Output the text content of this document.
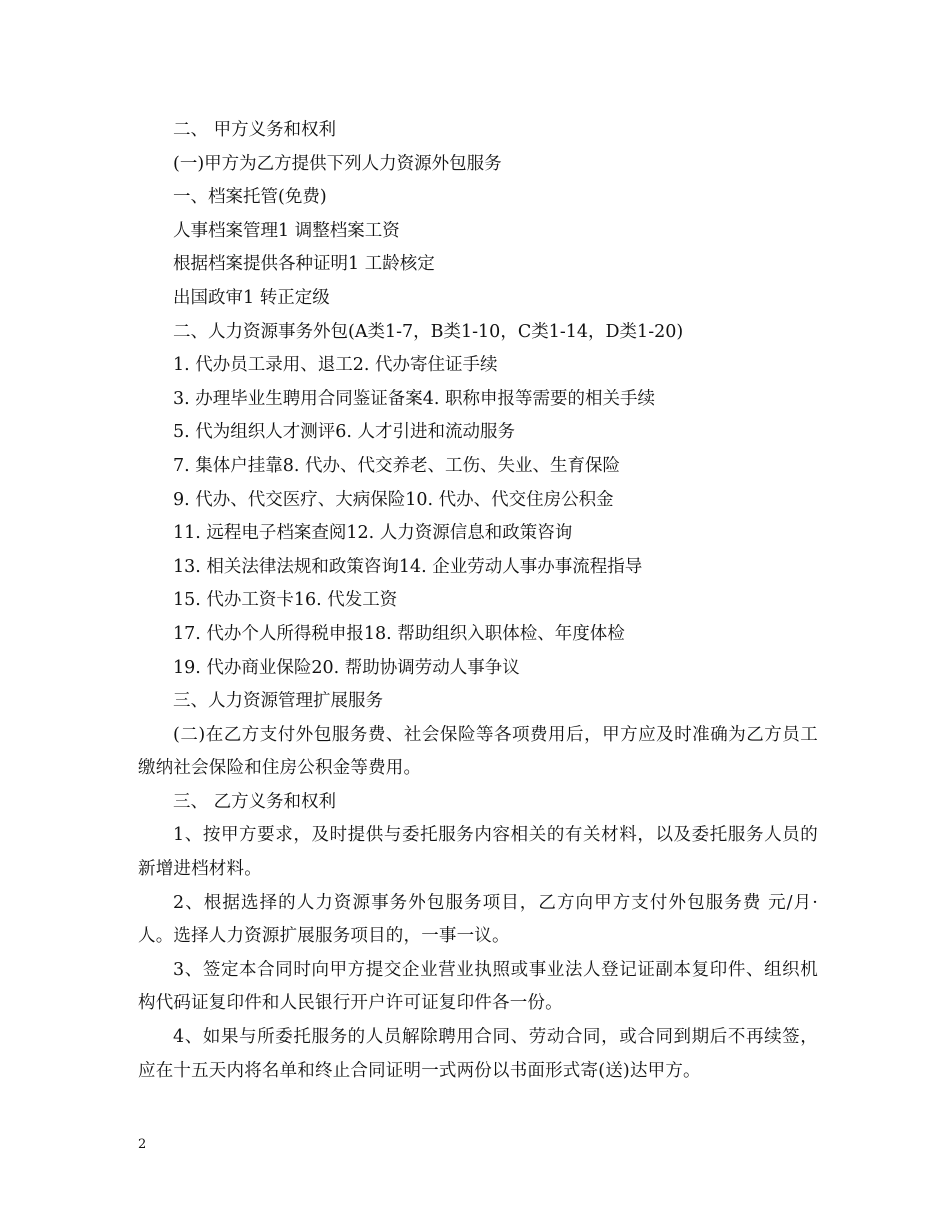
二、 甲方义务和权利
(一)甲方为乙方提供下列人力资源外包服务
一、档案托管(免费)
人事档案管理1 调整档案工资
根据档案提供各种证明1 工龄核定
出国政审1 转正定级
二、人力资源事务外包(A类1-7，B类1-10，C类1-14，D类1-20)
1. 代办员工录用、退工2. 代办寄住证手续
3. 办理毕业生聘用合同鉴证备案4. 职称申报等需要的相关手续
5. 代为组织人才测评6. 人才引进和流动服务
7. 集体户挂靠8. 代办、代交养老、工伤、失业、生育保险
9. 代办、代交医疗、大病保险10. 代办、代交住房公积金
11. 远程电子档案查阅12. 人力资源信息和政策咨询
13. 相关法律法规和政策咨询14. 企业劳动人事办事流程指导
15. 代办工资卡16. 代发工资
17. 代办个人所得税申报18. 帮助组织入职体检、年度体检
19. 代办商业保险20. 帮助协调劳动人事争议
三、人力资源管理扩展服务
(二)在乙方支付外包服务费、社会保险等各项费用后，甲方应及时准确为乙方员工缴纳社会保险和住房公积金等费用。
三、 乙方义务和权利
1、按甲方要求，及时提供与委托服务内容相关的有关材料，以及委托服务人员的新增进档材料。
2、根据选择的人力资源事务外包服务项目，乙方向甲方支付外包服务费 元/月·人。选择人力资源扩展服务项目的，一事一议。
3、签定本合同时向甲方提交企业营业执照或事业法人登记证副本复印件、组织机构代码证复印件和人民银行开户许可证复印件各一份。
4、如果与所委托服务的人员解除聘用合同、劳动合同，或合同到期后不再续签，应在十五天内将名单和终止合同证明一式两份以书面形式寄(送)达甲方。
2
